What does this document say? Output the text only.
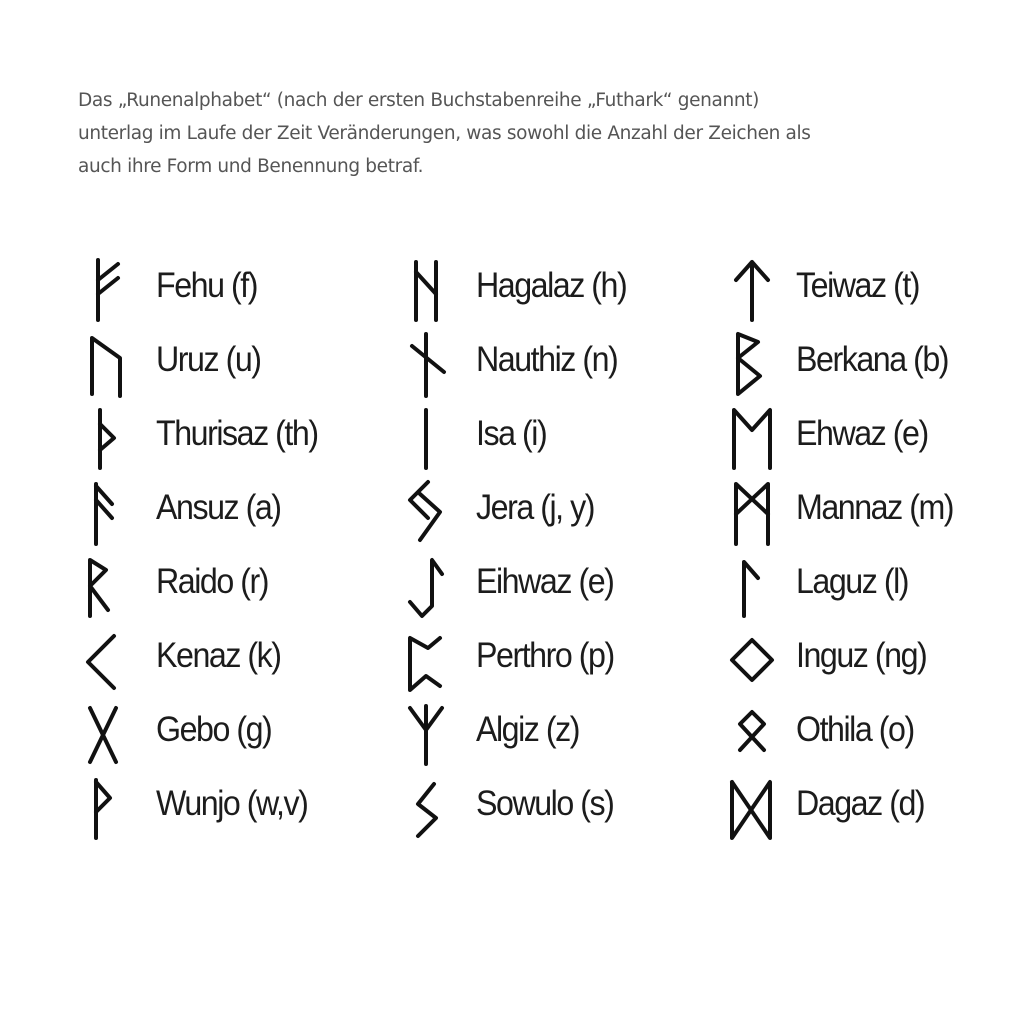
Das „Runenalphabet“ (nach der ersten Buchstabenreihe „Futhark“ genannt)
unterlag im Laufe der Zeit Veränderungen, was sowohl die Anzahl der Zeichen als
auch ihre Form und Benennung betraf.

Fehu (f)
Uruz (u)
Thurisaz (th)
Ansuz (a)
Raido (r)
Kenaz (k)
Gebo (g)
Wunjo (w,v)
Hagalaz (h)
Nauthiz (n)
Isa (i)
Jera (j, y)
Eihwaz (e)
Perthro (p)
Algiz (z)
Sowulo (s)
Teiwaz (t)
Berkana (b)
Ehwaz (e)
Mannaz (m)
Laguz (l)
Inguz (ng)
Othila (o)
Dagaz (d)
